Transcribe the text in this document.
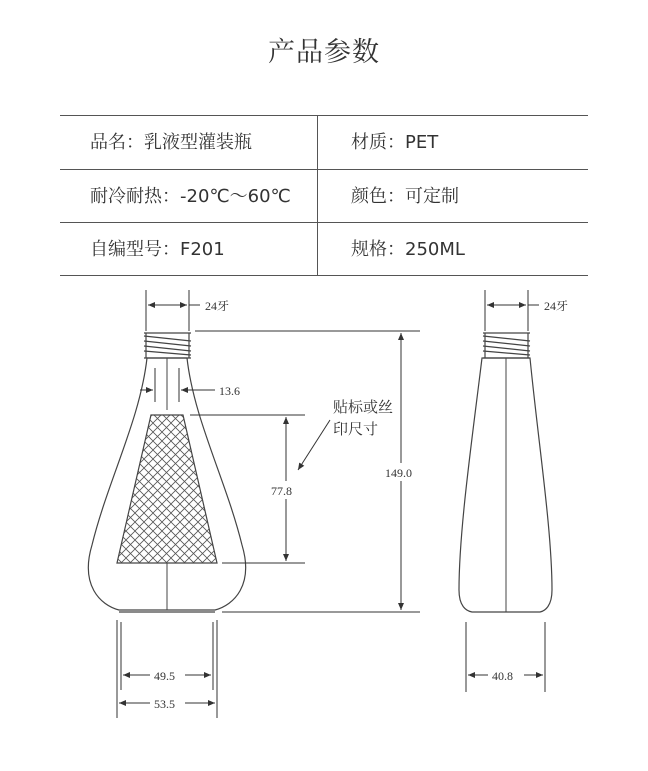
产品参数
品名：乳液型灌装瓶	材质：PET
耐冷耐热：-20℃～60℃	颜色：可定制
自编型号：F201	规格：250ML
24牙
13.6
77.8
149.0
贴标或丝
印尺寸
49.5
53.5
24牙
40.8
